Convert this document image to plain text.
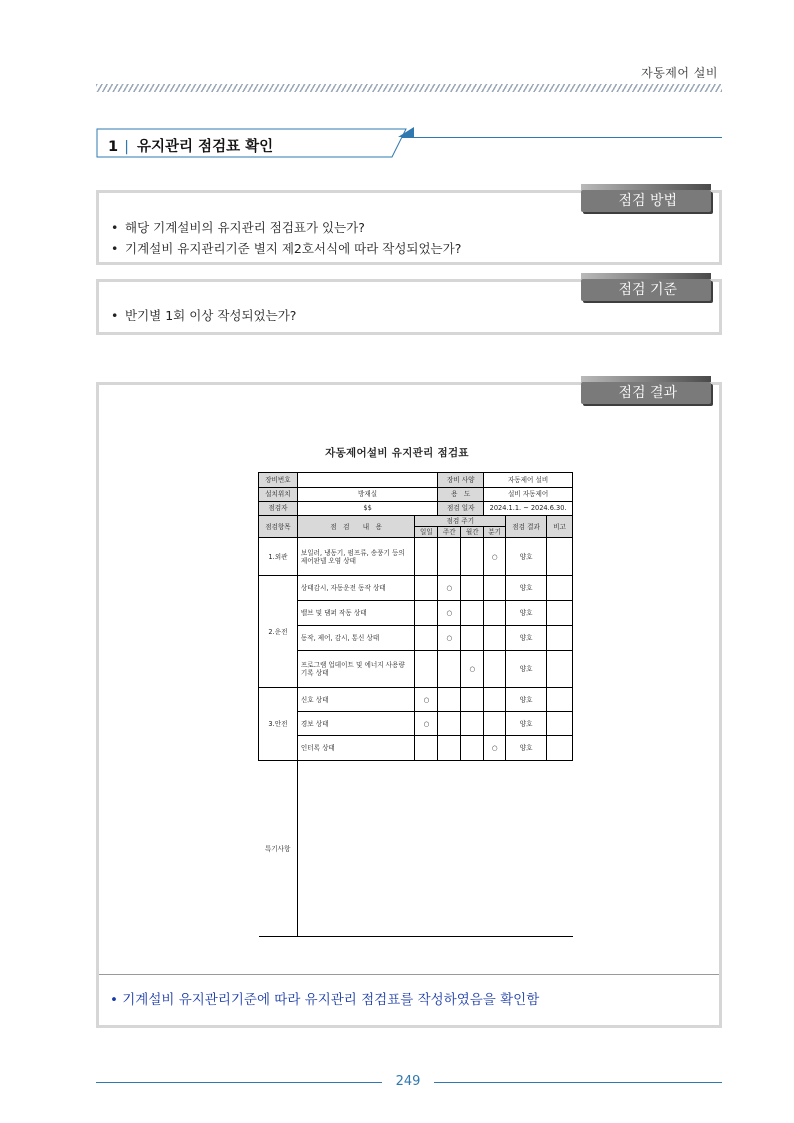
자동제어 설비
1 | 유지관리 점검표 확인
점검 방법
• 해당 기계설비의 유지관리 점검표가 있는가?
• 기계설비 유지관리기준 별지 제2호서식에 따라 작성되었는가?
점검 기준
• 반기별 1회 이상 작성되었는가?
점검 결과
자동제어설비 유지관리 점검표
장비번호			장비 사양		자동제어 설비		
설치위치	방재실		용　도		설비 자동제어		
점검자	$$		점검 일자		2024.1.1. ~ 2024.6.30.		
점검항목	점　검　　내　용	점검 주기				점검 결과	비고
		일일	주간	월간	분기		
1.외관	보일러, 냉동기, 펌프류, 송풍기 등의 제어판넬 오염 상태				○	양호	
2.운전	상태감시, 자동운전 동작 상태		○			양호	
	밸브 및 댐퍼 작동 상태		○			양호	
	동작, 제어, 감시, 통신 상태		○			양호	
	프로그램 업데이트 및 에너지 사용량 기록 상태			○		양호	
3.안전	신호 상태	○				양호	
	경보 상태	○				양호	
	인터록 상태				○	양호	
특기사항							
• 기계설비 유지관리기준에 따라 유지관리 점검표를 작성하였음을 확인함
249
